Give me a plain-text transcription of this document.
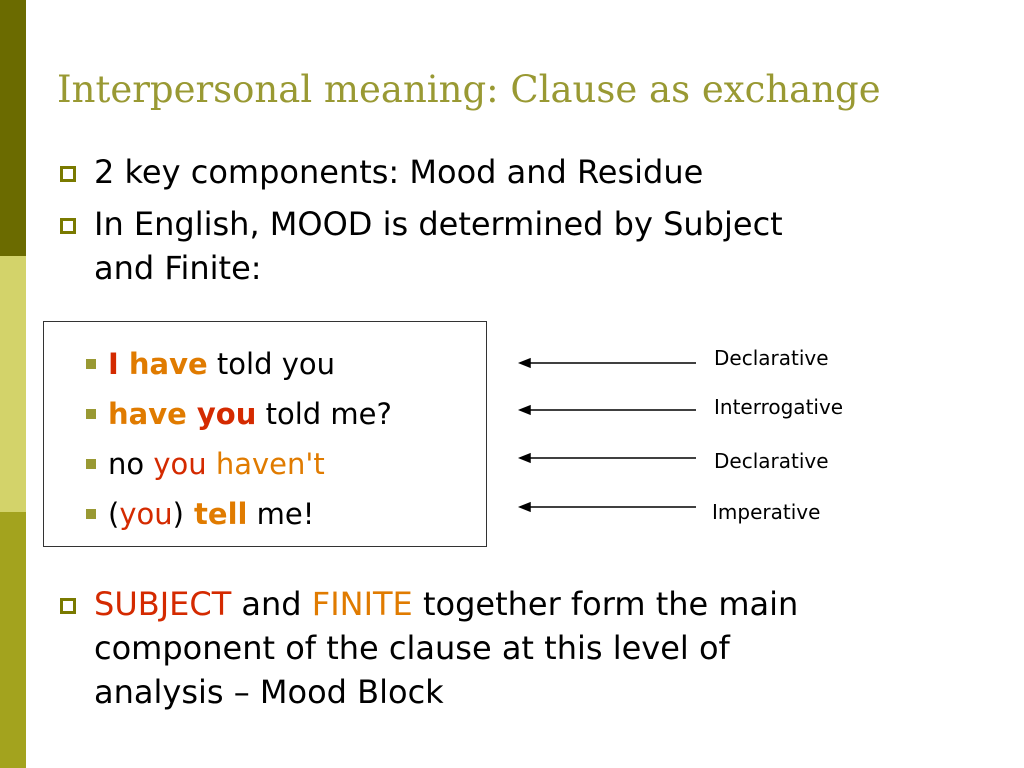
Interpersonal meaning: Clause as exchange
2 key components: Mood and Residue
In English, MOOD is determined by Subject
and Finite:
I have told you
have you told me?
no you haven't
(you) tell me!
Declarative
Interrogative
Declarative
Imperative
SUBJECT and FINITE together form the main
component of the clause at this level of
analysis – Mood Block
